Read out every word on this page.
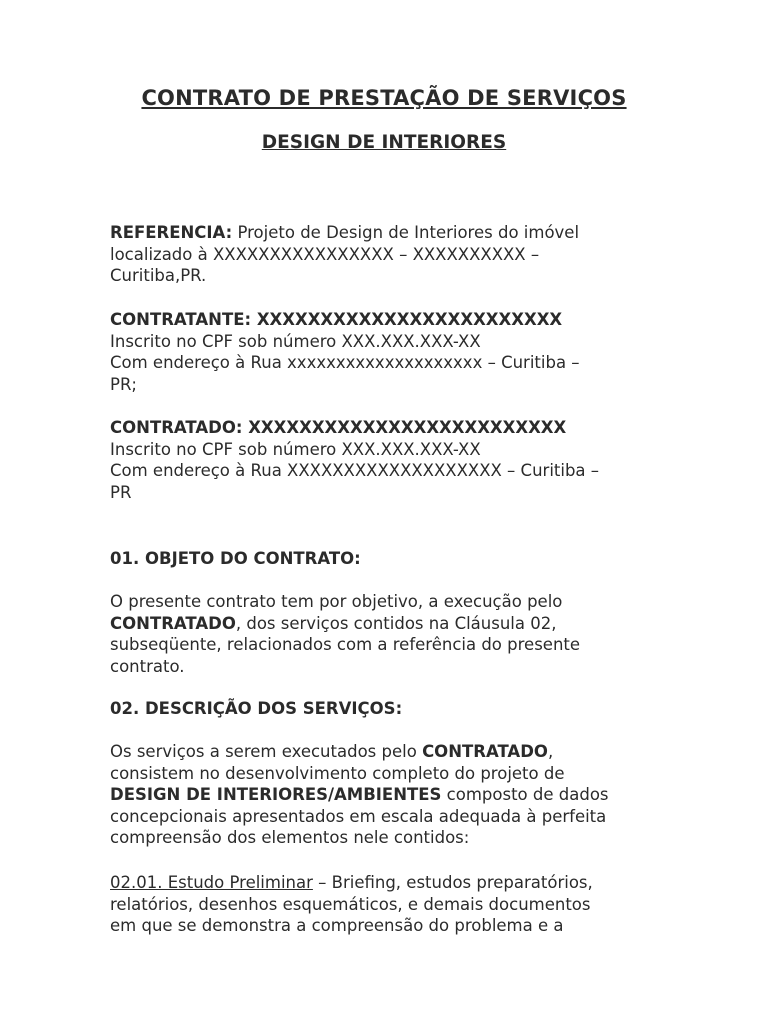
CONTRATO DE PRESTAÇÃO DE SERVIÇOS
DESIGN DE INTERIORES

REFERENCIA: Projeto de Design de Interiores do imóvel

localizado à XXXXXXXXXXXXXXXX – XXXXXXXXXX –

Curitiba,PR.

CONTRATANTE: XXXXXXXXXXXXXXXXXXXXXXXX

Inscrito no CPF sob número XXX.XXX.XXX-XX

Com endereço à Rua xxxxxxxxxxxxxxxxxxxx – Curitiba –

PR;

CONTRATADO: XXXXXXXXXXXXXXXXXXXXXXXXX

Inscrito no CPF sob número XXX.XXX.XXX-XX

Com endereço à Rua XXXXXXXXXXXXXXXXXXX – Curitiba –

PR

01. OBJETO DO CONTRATO:

O presente contrato tem por objetivo, a execução pelo

CONTRATADO, dos serviços contidos na Cláusula 02,

subseqüente, relacionados com a referência do presente

contrato.

02. DESCRIÇÃO DOS SERVIÇOS:

Os serviços a serem executados pelo CONTRATADO,

consistem no desenvolvimento completo do projeto de

DESIGN DE INTERIORES/AMBIENTES composto de dados

concepcionais apresentados em escala adequada à perfeita

compreensão dos elementos nele contidos:

02.01. Estudo Preliminar – Briefing, estudos preparatórios,

relatórios, desenhos esquemáticos, e demais documentos

em que se demonstra a compreensão do problema e a
